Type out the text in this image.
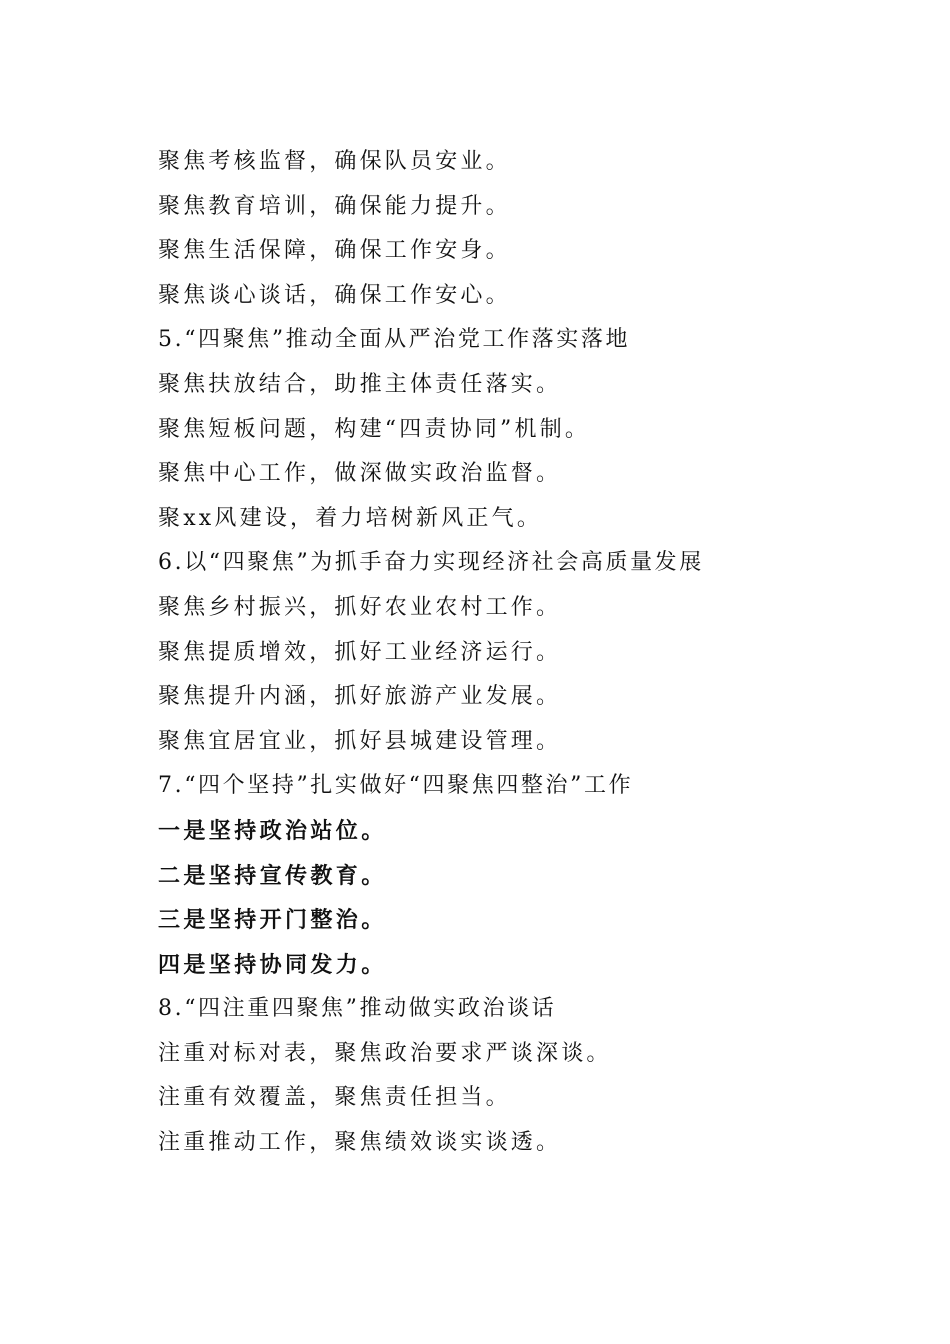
聚焦考核监督，确保队员安业。
聚焦教育培训，确保能力提升。
聚焦生活保障，确保工作安身。
聚焦谈心谈话，确保工作安心。
5.“四聚焦”推动全面从严治党工作落实落地
聚焦扶放结合，助推主体责任落实。
聚焦短板问题，构建“四责协同”机制。
聚焦中心工作，做深做实政治监督。
聚xx风建设，着力培树新风正气。
6.以“四聚焦”为抓手奋力实现经济社会高质量发展
聚焦乡村振兴，抓好农业农村工作。
聚焦提质增效，抓好工业经济运行。
聚焦提升内涵，抓好旅游产业发展。
聚焦宜居宜业，抓好县城建设管理。
7.“四个坚持”扎实做好“四聚焦四整治”工作
一是坚持政治站位。
二是坚持宣传教育。
三是坚持开门整治。
四是坚持协同发力。
8.“四注重四聚焦”推动做实政治谈话
注重对标对表，聚焦政治要求严谈深谈。
注重有效覆盖，聚焦责任担当。
注重推动工作，聚焦绩效谈实谈透。
